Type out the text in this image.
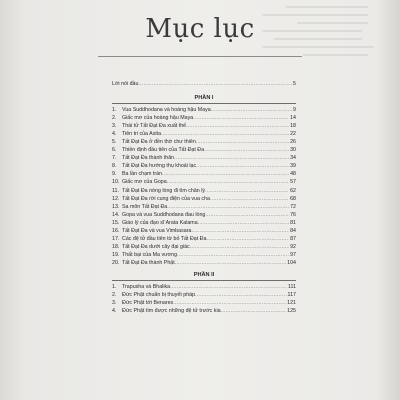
Mục lục
Lời nói đầu .....	5
PHẦN I
1.	Vua Suddhodana và hoàng hậu Maya .....	9
2.	Giấc mơ của hoàng hậu Maya .....	14
3.	Thái tử Tất Đạt Đa xuất thế .....	18
4.	Tiên tri của Asita .....	22
5.	Tất Đạt Đa ở đền thờ chư thiên .....	26
6.	Thiền định đầu tiên của Tất Đạt Đa .....	30
7.	Tất Đạt Đa thành thân .....	34
8.	Tất Đạt Đa hướng thụ khoái lạc .....	39
9.	Ba lần chạm trán .....	48
10. Giấc mơ của Gopa .....	57
11. Tất Đạt Đa nóng lòng đi tìm chân lý .....	62
12. Tất Đạt Đa rời cung điện của vua cha .....	68
13. Sa môn Tất Đạt Đa .....	72
14. Gopa và vua Suddhodana đau lòng .....	76
15. Giáo lý của đạo sĩ Arata Kalama .....	81
16. Tất Đạt Đa và vua Vimbasara .....	84
17. Các đệ tử đầu tiên từ bỏ Tất Đạt Đa .....	87
18. Tất Đạt Đa dưới cây đại giác .....	92
19. Thất bại của Ma vương .....	97
20. Tất Đạt Đa thành Phật .....	104
PHẦN II
1.	Trapusha và Bhalika .....	111
2.	Đức Phật chuẩn bị thuyết pháp .....	117
3.	Đức Phật tới Benares .....	121
4.	Đức Phật tìm được những đệ tử trước kia .....	125
